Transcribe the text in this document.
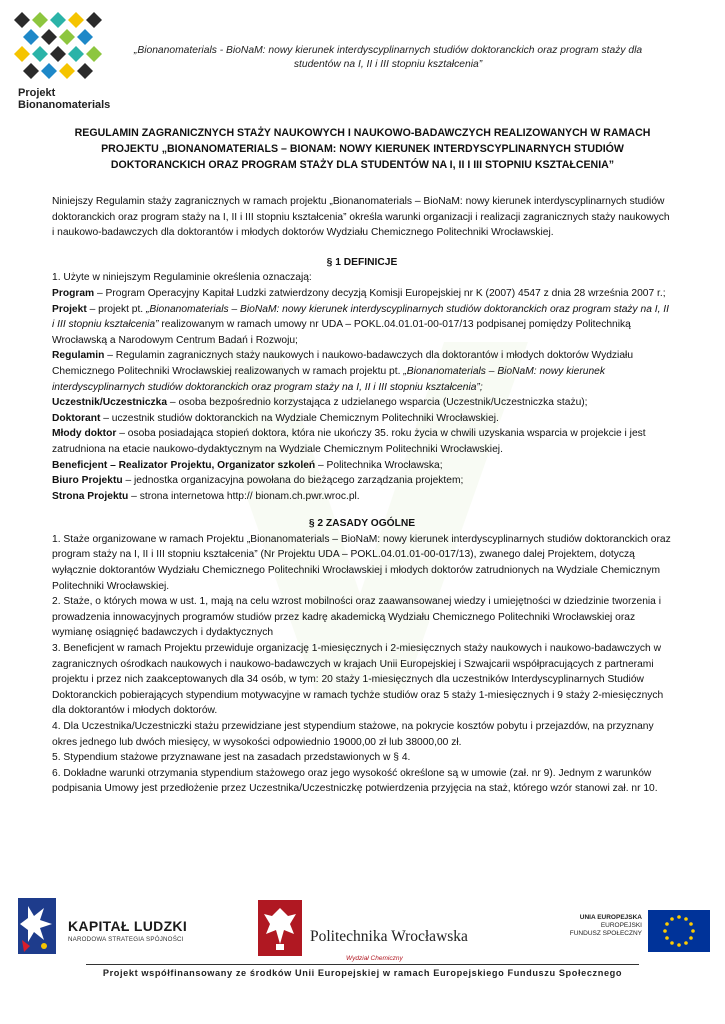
Projekt
Bionanomaterials
„Bionanomaterials - BioNaM: nowy kierunek interdyscyplinarnych studiów doktoranckich oraz program staży dla studentów na I, II i III stopniu kształcenia”
REGULAMIN ZAGRANICZNYCH STAŻY NAUKOWYCH I NAUKOWO-BADAWCZYCH REALIZOWANYCH W RAMACH PROJEKTU „BIONANOMATERIALS – BIONAM: NOWY KIERUNEK INTERDYSCYPLINARNYCH STUDIÓW DOKTORANCKICH ORAZ PROGRAM STAŻY DLA STUDENTÓW NA I, II I III STOPNIU KSZTAŁCENIA”

Niniejszy Regulamin staży zagranicznych w ramach projektu „Bionanomaterials – BioNaM: nowy kierunek interdyscyplinarnych studiów doktoranckich oraz program staży na I, II i III stopniu kształcenia” określa warunki organizacji i realizacji zagranicznych staży naukowych i naukowo-badawczych dla doktorantów i młodych doktorów Wydziału Chemicznego Politechniki Wrocławskiej.

§ 1 DEFINICJE

1. Użyte w niniejszym Regulaminie określenia oznaczają:

Program – Program Operacyjny Kapitał Ludzki zatwierdzony decyzją Komisji Europejskiej nr K (2007) 4547 z dnia 28 września 2007 r.;

Projekt – projekt pt. „Bionanomaterials – BioNaM: nowy kierunek interdyscyplinarnych studiów doktoranckich oraz program staży na I, II i III stopniu kształcenia” realizowanym w ramach umowy nr UDA – POKL.04.01.01-00-017/13 podpisanej pomiędzy Politechniką Wrocławską a Narodowym Centrum Badań i Rozwoju;

Regulamin – Regulamin zagranicznych staży naukowych i naukowo-badawczych dla doktorantów i młodych doktorów Wydziału Chemicznego Politechniki Wrocławskiej realizowanych w ramach projektu pt. „Bionanomaterials – BioNaM: nowy kierunek interdyscyplinarnych studiów doktoranckich oraz program staży na I, II i III stopniu kształcenia”;

Uczestnik/Uczestniczka – osoba bezpośrednio korzystająca z udzielanego wsparcia (Uczestnik/Uczestniczka stażu);

Doktorant – uczestnik studiów doktoranckich na Wydziale Chemicznym Politechniki Wrocławskiej.

Młody doktor – osoba posiadająca stopień doktora, która nie ukończy 35. roku życia w chwili uzyskania wsparcia w projekcie i jest zatrudniona na etacie naukowo-dydaktycznym na Wydziale Chemicznym Politechniki Wrocławskiej.

Beneficjent – Realizator Projektu, Organizator szkoleń – Politechnika Wrocławska;

Biuro Projektu – jednostka organizacyjna powołana do bieżącego zarządzania projektem;

Strona Projektu – strona internetowa http:// bionam.ch.pwr.wroc.pl.

§ 2 ZASADY OGÓLNE

1. Staże organizowane w ramach Projektu „Bionanomaterials – BioNaM: nowy kierunek interdyscyplinarnych studiów doktoranckich oraz program staży na I, II i III stopniu kształcenia” (Nr Projektu UDA – POKL.04.01.01-00-017/13), zwanego dalej Projektem, dotyczą wyłącznie doktorantów Wydziału Chemicznego Politechniki Wrocławskiej i młodych doktorów zatrudnionych na Wydziale Chemicznym Politechniki Wrocławskiej.

2. Staże, o których mowa w ust. 1, mają na celu wzrost mobilności oraz zaawansowanej wiedzy i umiejętności w dziedzinie tworzenia i prowadzenia innowacyjnych programów studiów przez kadrę akademicką Wydziału Chemicznego Politechniki Wrocławskiej oraz wymianę osiągnięć badawczych i dydaktycznych

3. Beneficjent w ramach Projektu przewiduje organizację 1-miesięcznych i 2-miesięcznych staży naukowych i naukowo-badawczych w zagranicznych ośrodkach naukowych i naukowo-badawczych w krajach Unii Europejskiej i Szwajcarii współpracujących z partnerami projektu i przez nich zaakceptowanych dla 34 osób, w tym: 20 staży 1-miesięcznych dla uczestników Interdyscyplinarnych Studiów Doktoranckich pobierających stypendium motywacyjne w ramach tychże studiów oraz 5 staży 1-miesięcznych i 9 staży 2-miesięcznych dla doktorantów i młodych doktorów.

4. Dla Uczestnika/Uczestniczki stażu przewidziane jest stypendium stażowe, na pokrycie kosztów pobytu i przejazdów, na przyznany okres jednego lub dwóch miesięcy, w wysokości odpowiednio 19000,00 zł lub 38000,00 zł.

5. Stypendium stażowe przyznawane jest na zasadach przedstawionych w § 4.

6. Dokładne warunki otrzymania stypendium stażowego oraz jego wysokość określone są w umowie (zał. nr 9). Jednym z warunków podpisania Umowy jest przedłożenie przez Uczestnika/Uczestniczkę potwierdzenia przyjęcia na staż, którego wzór stanowi zał. nr 10.

KAPITAŁ LUDZKI
NARODOWA STRATEGIA SPÓJNOŚCI	Politechnika Wrocławska
Wydział Chemiczny
UNIA EUROPEJSKA
EUROPEJSKI
FUNDUSZ SPOŁECZNY
Projekt współfinansowany ze środków Unii Europejskiej w ramach Europejskiego Funduszu Społecznego
